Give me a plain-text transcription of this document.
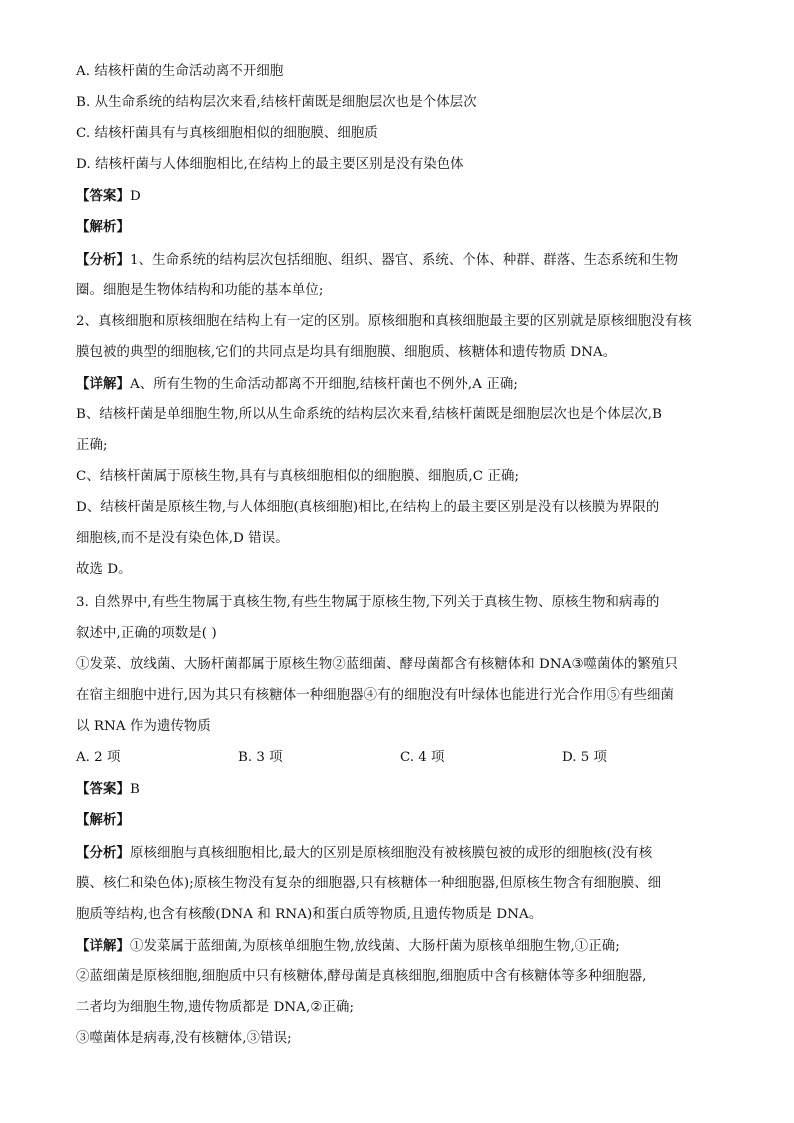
A. 结核杆菌的生命活动离不开细胞
B. 从生命系统的结构层次来看,结核杆菌既是细胞层次也是个体层次
C. 结核杆菌具有与真核细胞相似的细胞膜、细胞质
D. 结核杆菌与人体细胞相比,在结构上的最主要区别是没有染色体
【答案】D
【解析】
【分析】1、生命系统的结构层次包括细胞、组织、器官、系统、个体、种群、群落、生态系统和生物
圈。细胞是生物体结构和功能的基本单位;
2、真核细胞和原核细胞在结构上有一定的区别。原核细胞和真核细胞最主要的区别就是原核细胞没有核
膜包被的典型的细胞核,它们的共同点是均具有细胞膜、细胞质、核糖体和遗传物质 DNA。
【详解】A、所有生物的生命活动都离不开细胞,结核杆菌也不例外,A 正确;
B、结核杆菌是单细胞生物,所以从生命系统的结构层次来看,结核杆菌既是细胞层次也是个体层次,B
正确;
C、结核杆菌属于原核生物,具有与真核细胞相似的细胞膜、细胞质,C 正确;
D、结核杆菌是原核生物,与人体细胞(真核细胞)相比,在结构上的最主要区别是没有以核膜为界限的
细胞核,而不是没有染色体,D 错误。
故选 D。
3. 自然界中,有些生物属于真核生物,有些生物属于原核生物,下列关于真核生物、原核生物和病毒的
叙述中,正确的项数是( )
①发菜、放线菌、大肠杆菌都属于原核生物②蓝细菌、酵母菌都含有核糖体和 DNA③噬菌体的繁殖只
在宿主细胞中进行,因为其只有核糖体一种细胞器④有的细胞没有叶绿体也能进行光合作用⑤有些细菌
以 RNA 作为遗传物质
A. 2 项	B. 3 项	C. 4 项	D. 5 项
【答案】B
【解析】
【分析】原核细胞与真核细胞相比,最大的区别是原核细胞没有被核膜包被的成形的细胞核(没有核
膜、核仁和染色体);原核生物没有复杂的细胞器,只有核糖体一种细胞器,但原核生物含有细胞膜、细
胞质等结构,也含有核酸(DNA 和 RNA)和蛋白质等物质,且遗传物质是 DNA。
【详解】①发菜属于蓝细菌,为原核单细胞生物,放线菌、大肠杆菌为原核单细胞生物,①正确;
②蓝细菌是原核细胞,细胞质中只有核糖体,酵母菌是真核细胞,细胞质中含有核糖体等多种细胞器,
二者均为细胞生物,遗传物质都是 DNA,②正确;
③噬菌体是病毒,没有核糖体,③错误;
